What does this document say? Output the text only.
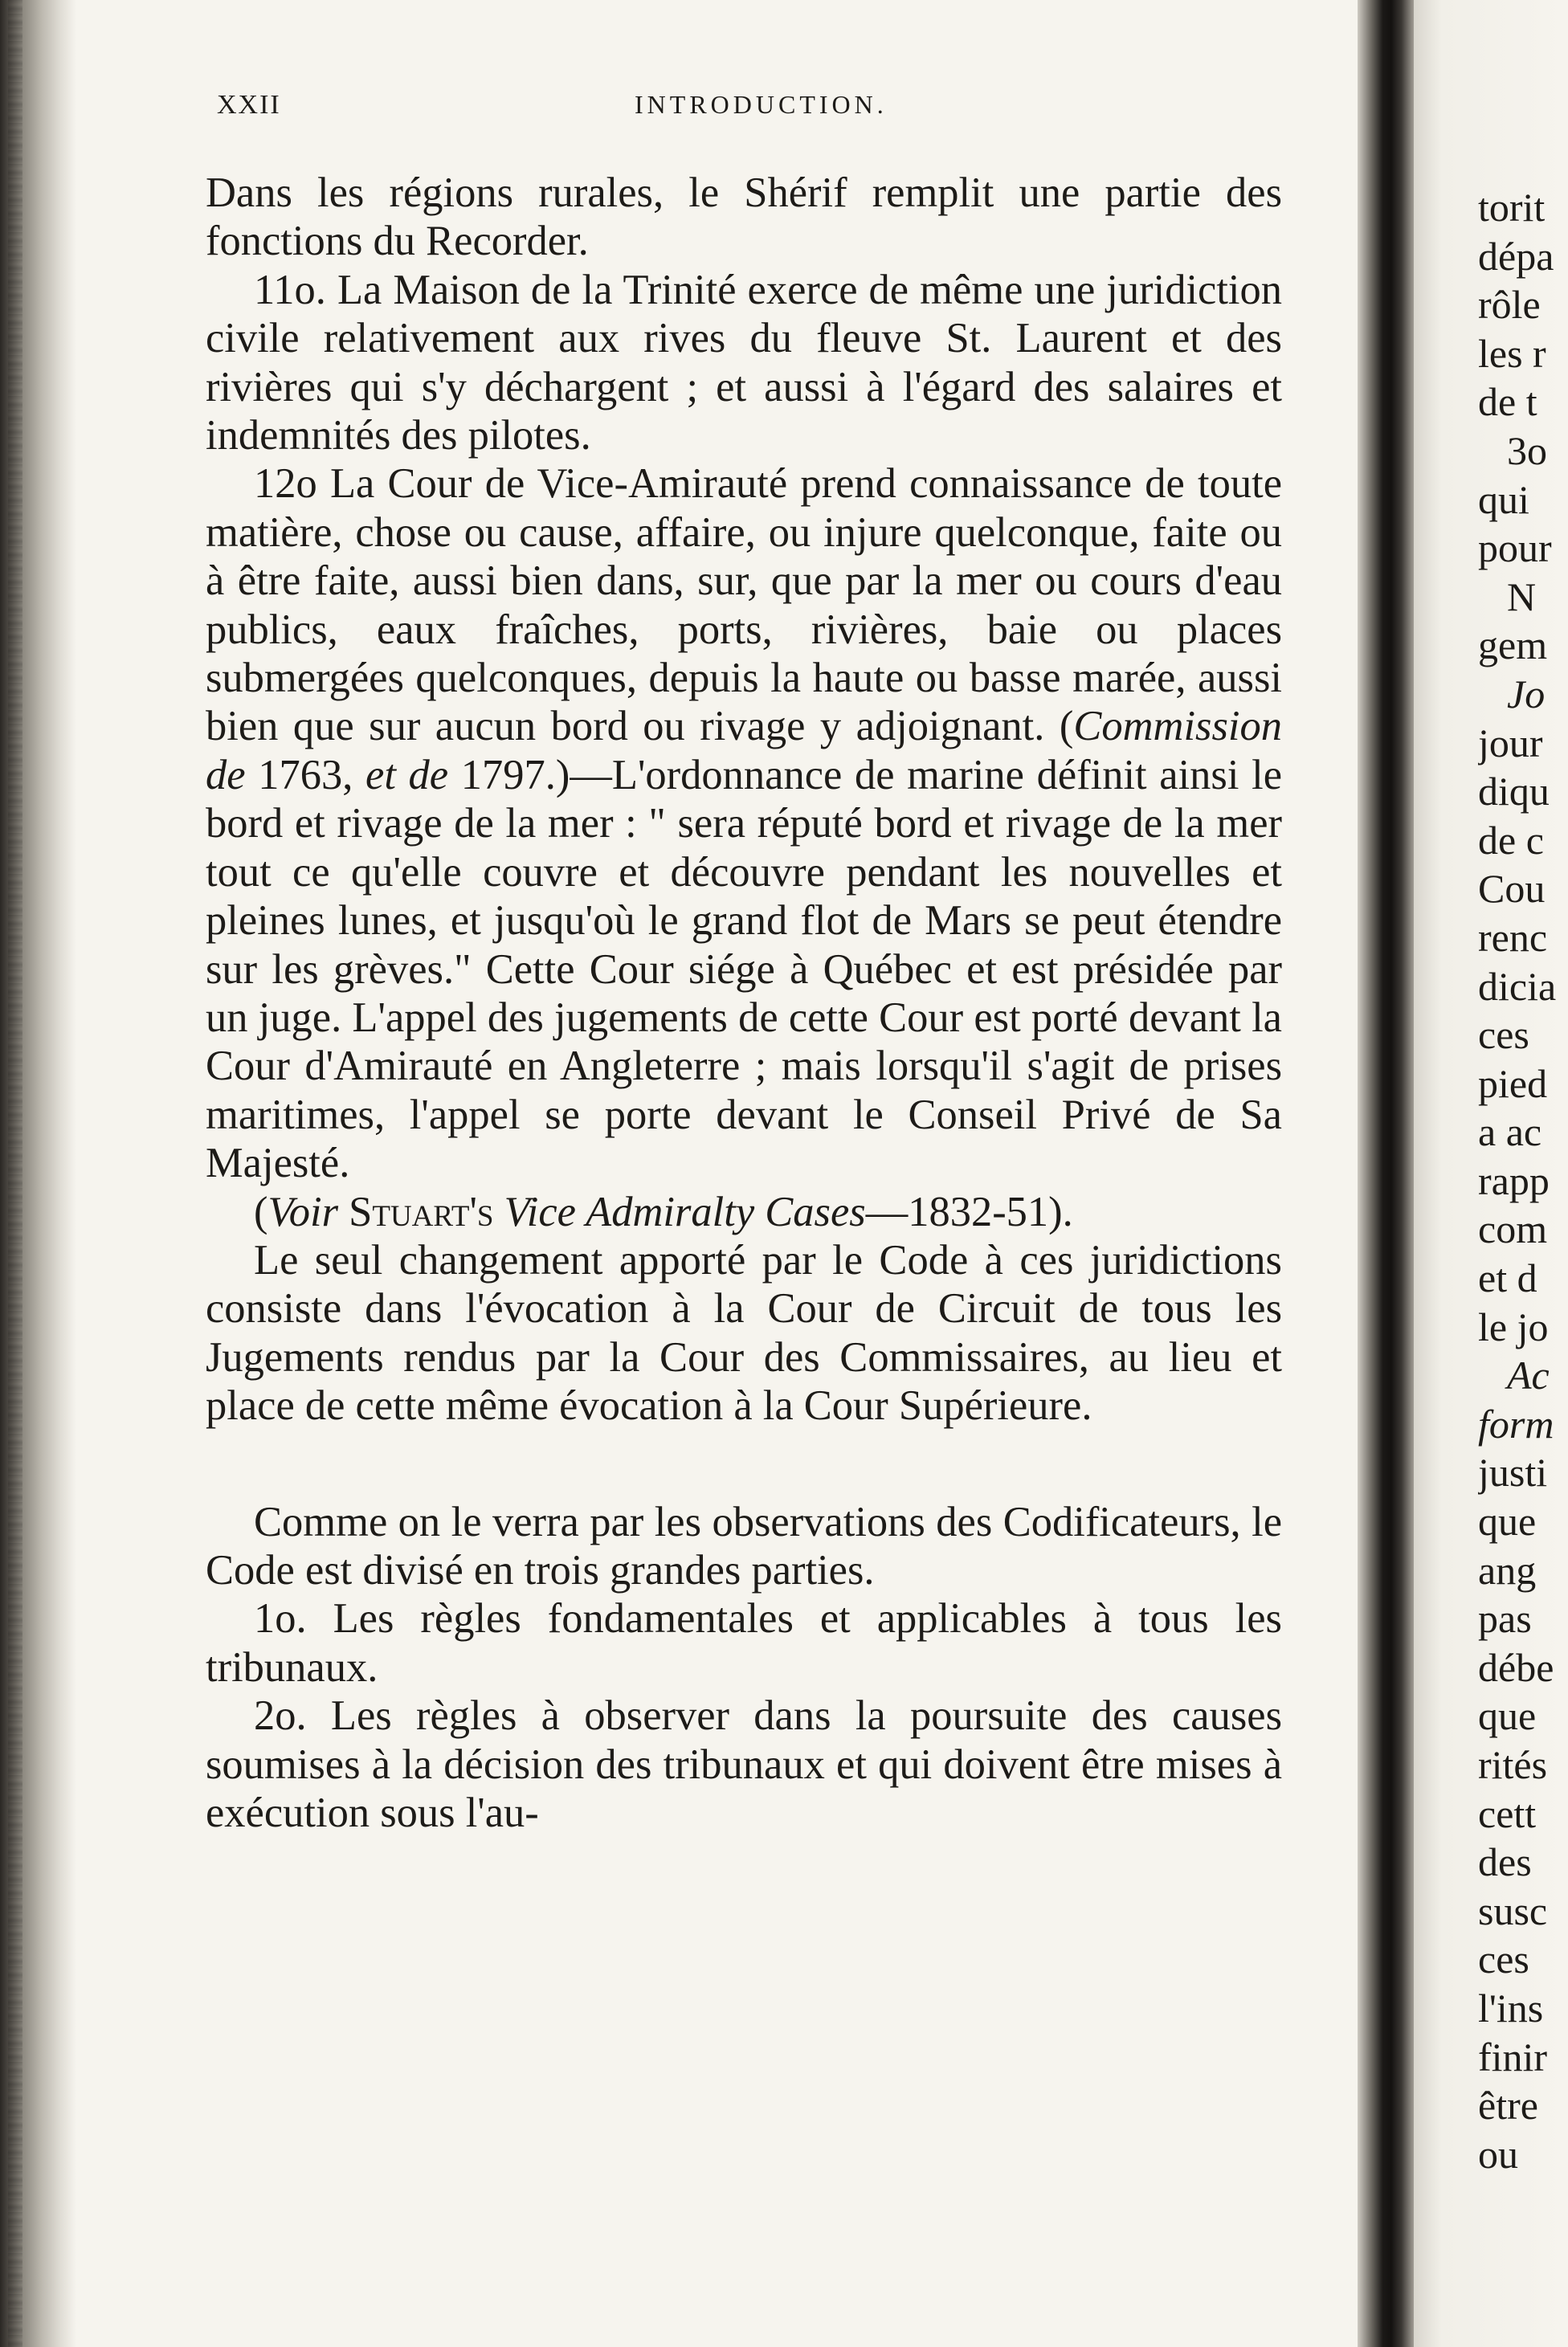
XXII	INTRODUCTION.

Dans les régions rurales, le Shérif remplit une partie des fonctions du Recorder.

11o. La Maison de la Trinité exerce de même une juridiction civile relativement aux rives du fleuve St. Laurent et des rivières qui s'y déchargent ; et aussi à l'égard des salaires et indemnités des pilotes.

12o La Cour de Vice-Amirauté prend connaissance de toute matière, chose ou cause, affaire, ou injure quelconque, faite ou à être faite, aussi bien dans, sur, que par la mer ou cours d'eau publics, eaux fraîches, ports, rivières, baie ou places submergées quelconques, depuis la haute ou basse marée, aussi bien que sur aucun bord ou rivage y adjoignant. (Commission de 1763, et de 1797.)—L'ordonnance de marine définit ainsi le bord et rivage de la mer : " sera réputé bord et rivage de la mer tout ce qu'elle couvre et découvre pendant les nouvelles et pleines lunes, et jusqu'où le grand flot de Mars se peut étendre sur les grèves." Cette Cour siége à Québec et est présidée par un juge. L'appel des jugements de cette Cour est porté devant la Cour d'Amirauté en Angleterre ; mais lorsqu'il s'agit de prises maritimes, l'appel se porte devant le Conseil Privé de Sa Majesté.

(Voir Stuart's Vice Admiralty Cases—1832-51).

Le seul changement apporté par le Code à ces juridictions consiste dans l'évocation à la Cour de Circuit de tous les Jugements rendus par la Cour des Commissaires, au lieu et place de cette même évocation à la Cour Supérieure.

Comme on le verra par les observations des Codificateurs, le Code est divisé en trois grandes parties.

1o. Les règles fondamentales et applicables à tous les tribunaux.

2o. Les règles à observer dans la poursuite des causes soumises à la décision des tribunaux et qui doivent être mises à exécution sous l'au-

torit
dépa
rôle
les r
de t
3o
qui
pour
N
gem
Jo
jour
diqu
de c
Cou
renc
dicia
ces
pied
a ac
rapp
com
et d
le jo
Ac
form
justi
que
ang
pas
débe
que
rités
cett
des
susc
ces
l'ins
finir
être
ou
